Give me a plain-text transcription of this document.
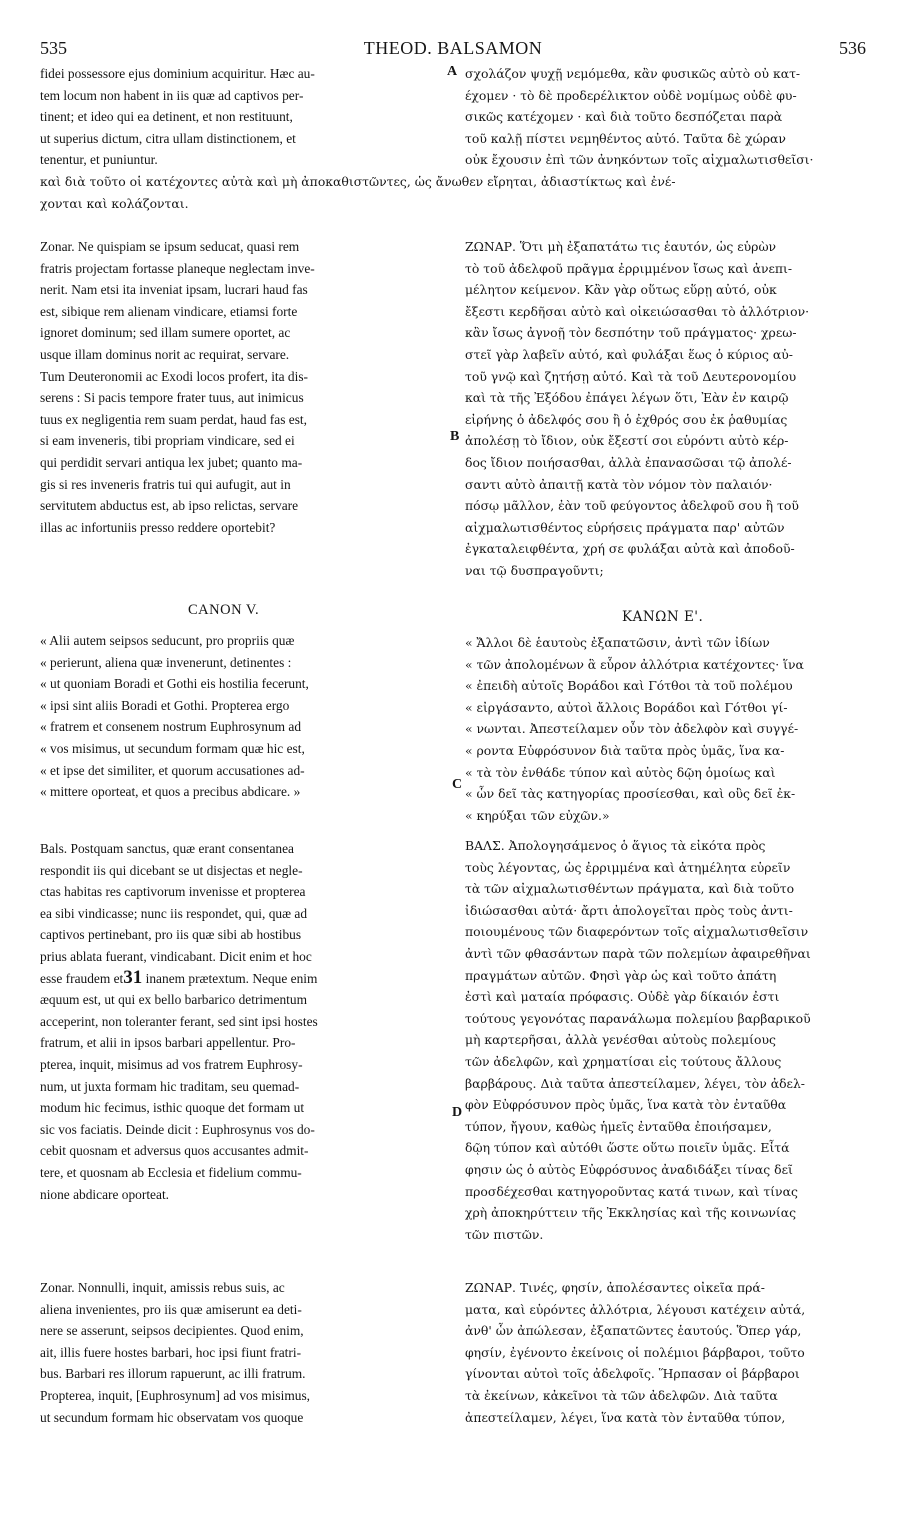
535	THEOD. BALSAMON	536
A
B
C
D

fidei possessore ejus dominium acquiritur. Hæc au-

tem locum non habent in iis quæ ad captivos per-

tinent; et ideo qui ea detinent, et non restituunt,

ut superius dictum, citra ullam distinctionem, et

tenentur, et puniuntur.

σχολάζον ψυχῇ νεμόμεθα, κἂν φυσικῶς αὐτὸ οὐ κατ-

έχομεν · τὸ δὲ προδερέλικτον οὐδὲ νομίμως οὐδὲ φυ-

σικῶς κατέχομεν · καὶ διὰ τοῦτο δεσπόζεται παρὰ

τοῦ καλῇ πίστει νεμηθέντος αὐτό. Ταῦτα δὲ χώραν

οὐκ ἔχουσιν ἐπὶ τῶν ἀνηκόντων τοῖς αἰχμαλωτισθεῖσι·

καὶ διὰ τοῦτο οἱ κατέχοντες αὐτὰ καὶ μὴ ἀποκαθιστῶντες, ὡς ἄνωθεν εἴρηται, ἀδιαστίκτως καὶ ἐνέ-

χονται καὶ κολάζονται.

Zonar. Ne quispiam se ipsum seducat, quasi rem

fratris projectam fortasse planeque neglectam inve-

nerit. Nam etsi ita inveniat ipsam, lucrari haud fas

est, sibique rem alienam vindicare, etiamsi forte

ignoret dominum; sed illam sumere oportet, ac

usque illam dominus norit ac requirat, servare.

Tum Deuteronomii ac Exodi locos profert, ita dis-

serens : Si pacis tempore frater tuus, aut inimicus

tuus ex negligentia rem suam perdat, haud fas est,

si eam inveneris, tibi propriam vindicare, sed ei

qui perdidit servari antiqua lex jubet; quanto ma-

gis si res inveneris fratris tui qui aufugit, aut in

servitutem abductus est, ab ipso relictas, servare

illas ac infortuniis presso reddere oportebit?

ΖΩΝΑΡ. Ὅτι μὴ ἐξαπατάτω τις ἑαυτόν, ὡς εὑρὼν

τὸ τοῦ ἀδελφοῦ πρᾶγμα ἐρριμμένον ἴσως καὶ ἀνεπι-

μέλητον κείμενον. Κἂν γὰρ οὕτως εὕρῃ αὐτό, οὐκ

ἔξεστι κερδῆσαι αὐτὸ καὶ οἰκειώσασθαι τὸ ἀλλότριον·

κἂν ἴσως ἀγνοῇ τὸν δεσπότην τοῦ πράγματος· χρεω-

στεῖ γὰρ λαβεῖν αὐτό, καὶ φυλάξαι ἕως ὁ κύριος αὐ-

τοῦ γνῷ καὶ ζητήσῃ αὐτό. Καὶ τὰ τοῦ Δευτερονομίου

καὶ τὰ τῆς Ἐξόδου ἐπάγει λέγων ὅτι, Ἐὰν ἐν καιρῷ

εἰρήνης ὁ ἀδελφός σου ἢ ὁ ἐχθρός σου ἐκ ῥαθυμίας

ἀπολέσῃ τὸ ἴδιον, οὐκ ἔξεστί σοι εὑρόντι αὐτὸ κέρ-

δος ἴδιον ποιήσασθαι, ἀλλὰ ἐπανασῶσαι τῷ ἀπολέ-

σαντι αὐτὸ ἀπαιτῇ κατὰ τὸν νόμον τὸν παλαιόν·

πόσῳ μᾶλλον, ἐὰν τοῦ φεύγοντος ἀδελφοῦ σου ἢ τοῦ

αἰχμαλωτισθέντος εὑρήσεις πράγματα παρ' αὐτῶν

ἐγκαταλειφθέντα, χρή σε φυλάξαι αὐτὰ καὶ ἀποδοῦ-

ναι τῷ δυσπραγοῦντι;

CANON V.	ΚΑΝΩΝ Ε'.

« Alii autem seipsos seducunt, pro propriis quæ

« perierunt, aliena quæ invenerunt, detinentes :

« ut quoniam Boradi et Gothi eis hostilia fecerunt,

« ipsi sint aliis Boradi et Gothi. Propterea ergo

« fratrem et consenem nostrum Euphrosynum ad

« vos misimus, ut secundum formam quæ hic est,

« et ipse det similiter, et quorum accusationes ad-

« mittere oporteat, et quos a precibus abdicare. »

« Ἄλλοι δὲ ἑαυτοὺς ἐξαπατῶσιν, ἀντὶ τῶν ἰδίων

« τῶν ἀπολομένων ἃ εὗρον ἀλλότρια κατέχοντες· ἵνα

« ἐπειδὴ αὐτοῖς Βοράδοι καὶ Γότθοι τὰ τοῦ πολέμου

« εἰργάσαντο, αὐτοὶ ἄλλοις Βοράδοι καὶ Γότθοι γί-

« νωνται. Ἀπεστείλαμεν οὖν τὸν ἀδελφὸν καὶ συγγέ-

« ροντα Εὐφρόσυνον διὰ ταῦτα πρὸς ὑμᾶς, ἵνα κα-

« τὰ τὸν ἐνθάδε τύπον καὶ αὐτὸς δῷη ὁμοίως καὶ

« ὧν δεῖ τὰς κατηγορίας προσίεσθαι, καὶ οὓς δεῖ ἐκ-

« κηρύξαι τῶν εὐχῶν.»

Bals. Postquam sanctus, quæ erant consentanea

respondit iis qui dicebant se ut disjectas et negle-

ctas habitas res captivorum invenisse et propterea

ea sibi vindicasse; nunc iis respondet, qui, quæ ad

captivos pertinebant, pro iis quæ sibi ab hostibus

prius ablata fuerant, vindicabant. Dicit enim et hoc

esse fraudem et31 inanem prætextum. Neque enim

æquum est, ut qui ex bello barbarico detrimentum

acceperint, non toleranter ferant, sed sint ipsi hostes

fratrum, et alii in ipsos barbari appellentur. Pro-

pterea, inquit, misimus ad vos fratrem Euphrosy-

num, ut juxta formam hic traditam, seu quemad-

modum hic fecimus, isthic quoque det formam ut

sic vos faciatis. Deinde dicit : Euphrosynus vos do-

cebit quosnam et adversus quos accusantes admit-

tere, et quosnam ab Ecclesia et fidelium commu-

nione abdicare oporteat.

ΒΑΛΣ. Ἀπολογησάμενος ὁ ἅγιος τὰ εἰκότα πρὸς

τοὺς λέγοντας, ὡς ἐρριμμένα καὶ ἀτημέλητα εὑρεῖν

τὰ τῶν αἰχμαλωτισθέντων πράγματα, καὶ διὰ τοῦτο

ἰδιώσασθαι αὐτά· ἄρτι ἀπολογεῖται πρὸς τοὺς ἀντι-

ποιουμένους τῶν διαφερόντων τοῖς αἰχμαλωτισθεῖσιν

ἀντὶ τῶν φθασάντων παρὰ τῶν πολεμίων ἀφαιρεθῆναι

πραγμάτων αὐτῶν. Φησὶ γὰρ ὡς καὶ τοῦτο ἀπάτη

ἐστὶ καὶ ματαία πρόφασις. Οὐδὲ γὰρ δίκαιόν ἐστι

τούτους γεγονότας παρανάλωμα πολεμίου βαρβαρικοῦ

μὴ καρτερῆσαι, ἀλλὰ γενέσθαι αὐτοὺς πολεμίους

τῶν ἀδελφῶν, καὶ χρηματίσαι εἰς τούτους ἄλλους

βαρβάρους. Διὰ ταῦτα ἀπεστείλαμεν, λέγει, τὸν ἀδελ-

φὸν Εὐφρόσυνον πρὸς ὑμᾶς, ἵνα κατὰ τὸν ἐνταῦθα

τύπον, ἤγουν, καθὼς ἡμεῖς ἐνταῦθα ἐποιήσαμεν,

δῷη τύπον καὶ αὐτόθι ὥστε οὕτω ποιεῖν ὑμᾶς. Εἶτά

φησιν ὡς ὁ αὐτὸς Εὐφρόσυνος ἀναδιδάξει τίνας δεῖ

προσδέχεσθαι κατηγοροῦντας κατά τινων, καὶ τίνας

χρὴ ἀποκηρύττειν τῆς Ἐκκλησίας καὶ τῆς κοινωνίας

τῶν πιστῶν.

Zonar. Nonnulli, inquit, amissis rebus suis, ac

aliena invenientes, pro iis quæ amiserunt ea deti-

nere se asserunt, seipsos decipientes. Quod enim,

ait, illis fuere hostes barbari, hoc ipsi fiunt fratri-

bus. Barbari res illorum rapuerunt, ac illi fratrum.

Propterea, inquit, [Euphrosynum] ad vos misimus,

ut secundum formam hic observatam vos quoque

ΖΩΝΑΡ. Τινές, φησίν, ἀπολέσαντες οἰκεῖα πρά-

ματα, καὶ εὑρόντες ἀλλότρια, λέγουσι κατέχειν αὐτά,

ἀνθ' ὧν ἀπώλεσαν, ἐξαπατῶντες ἑαυτούς. Ὅπερ γάρ,

φησίν, ἐγένοντο ἐκείνοις οἱ πολέμιοι βάρβαροι, τοῦτο

γίνονται αὐτοὶ τοῖς ἀδελφοῖς. Ἥρπασαν οἱ βάρβαροι

τὰ ἐκείνων, κἀκεῖνοι τὰ τῶν ἀδελφῶν. Διὰ ταῦτα

ἀπεστείλαμεν, λέγει, ἵνα κατὰ τὸν ἐνταῦθα τύπον,
